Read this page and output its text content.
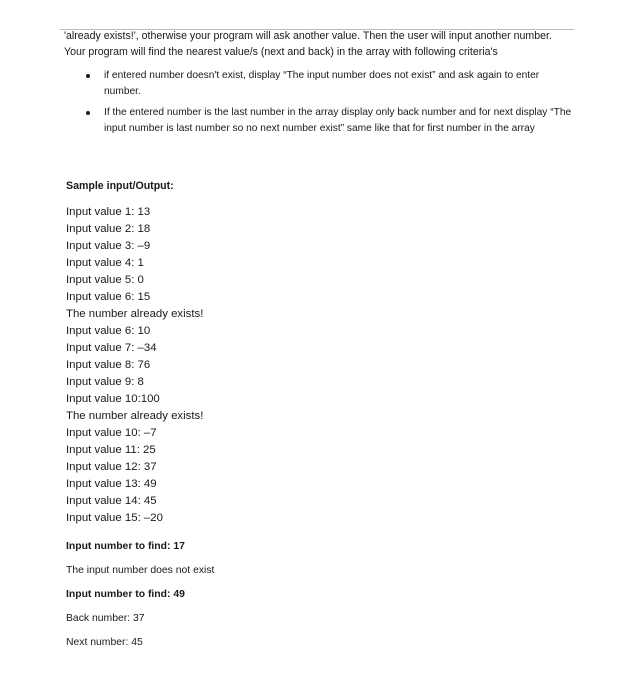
'already exists!', otherwise your program will ask another value. Then the user will input another number.
Your program will find the nearest value/s (next and back) in the array with following criteria's

if entered number doesn't exist, display “The input number does not exist” and ask again to enter number.
If the entered number is the last number in the array display only back number and for next display “The input number is last number so no next number exist” same like that for first number in the array

Sample input/Output:

Input value 1: 13
Input value 2: 18
Input value 3: –9
Input value 4: 1
Input value 5: 0
Input value 6: 15
The number already exists!
Input value 6: 10
Input value 7: –34
Input value 8: 76
Input value 9: 8
Input value 10:100
The number already exists!
Input value 10: –7
Input value 11: 25
Input value 12: 37
Input value 13: 49
Input value 14: 45
Input value 15: –20

Input number to find: 17

The input number does not exist

Input number to find: 49

Back number: 37

Next number: 45
